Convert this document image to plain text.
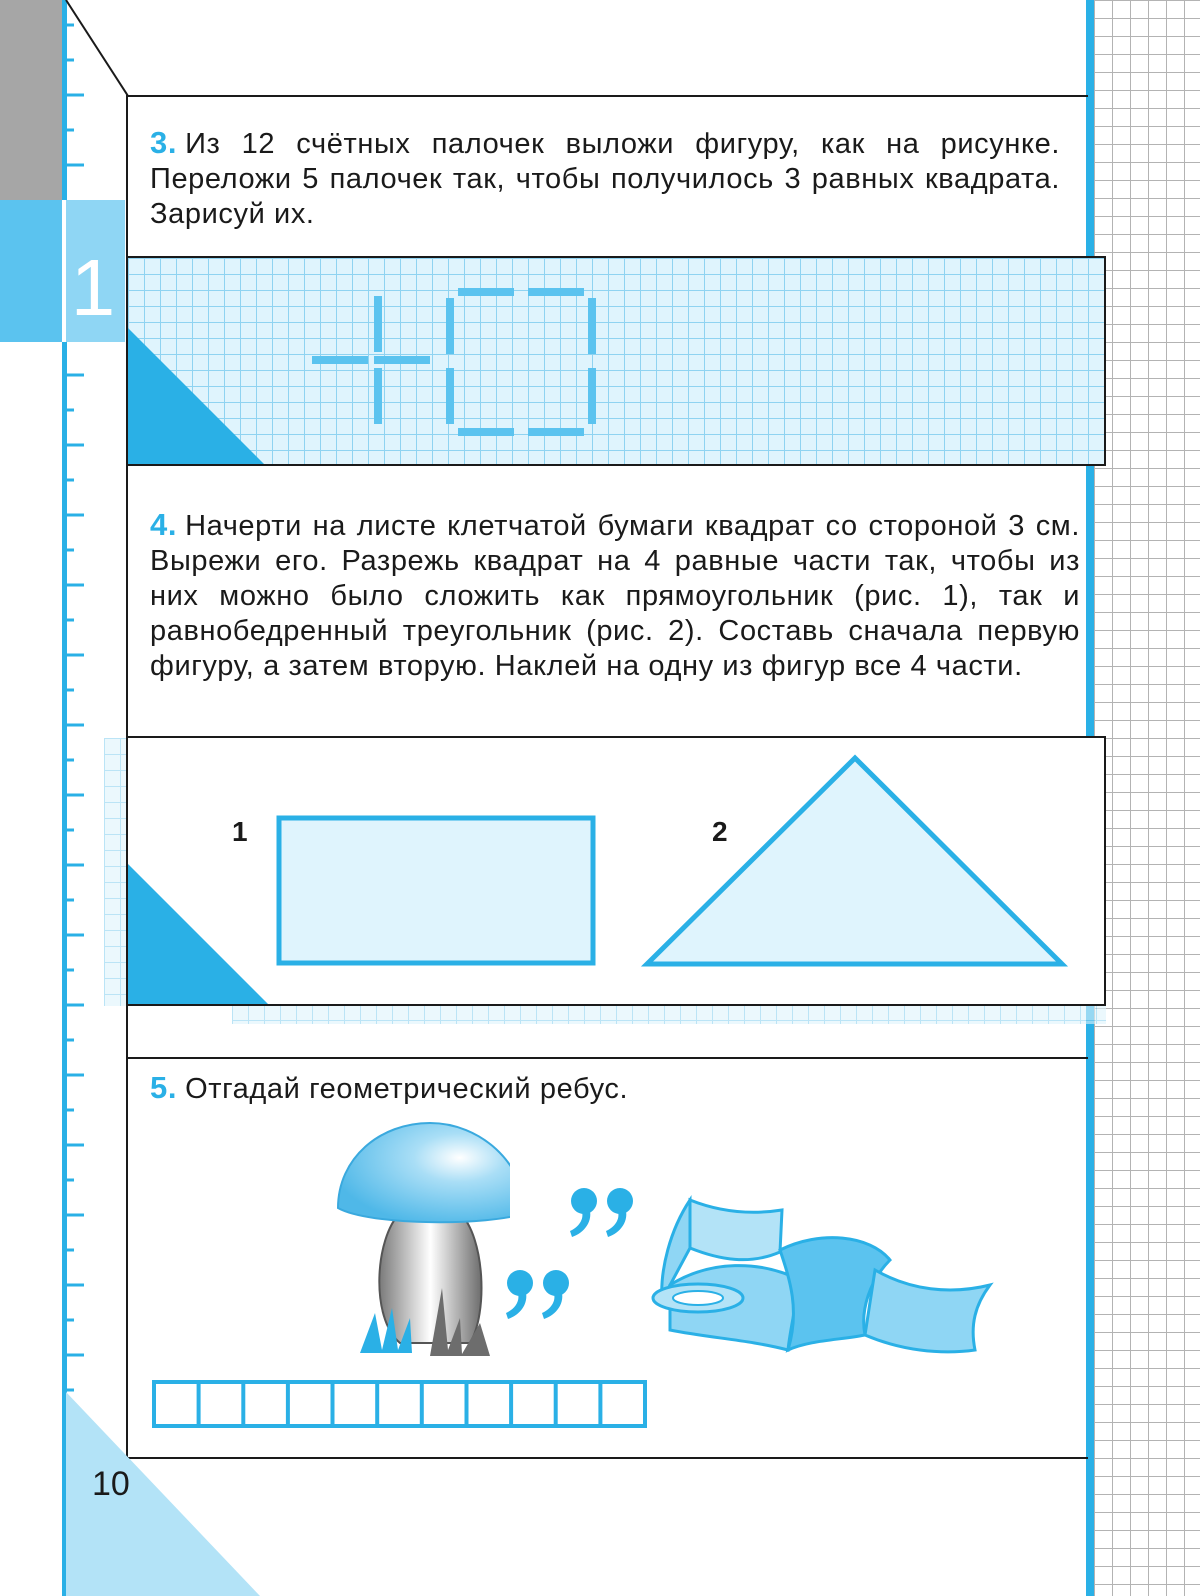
1
3. Из 12 счётных палочек выложи фигуру, как на рисунке. Переложи 5 палочек так, чтобы получилось 3 равных квадрата. Зарисуй их.
4. Начерти на листе клетчатой бумаги квадрат со стороной 3 см. Вырежи его. Разрежь квадрат на 4 равные части так, чтобы из них можно было сложить как прямоугольник (рис. 1), так и равнобедренный треугольник (рис. 2). Составь сначала первую фигуру, а затем вторую. Наклей на одну из фигур все 4 части.
1	2
5. Отгадай геометрический ребус.
10
